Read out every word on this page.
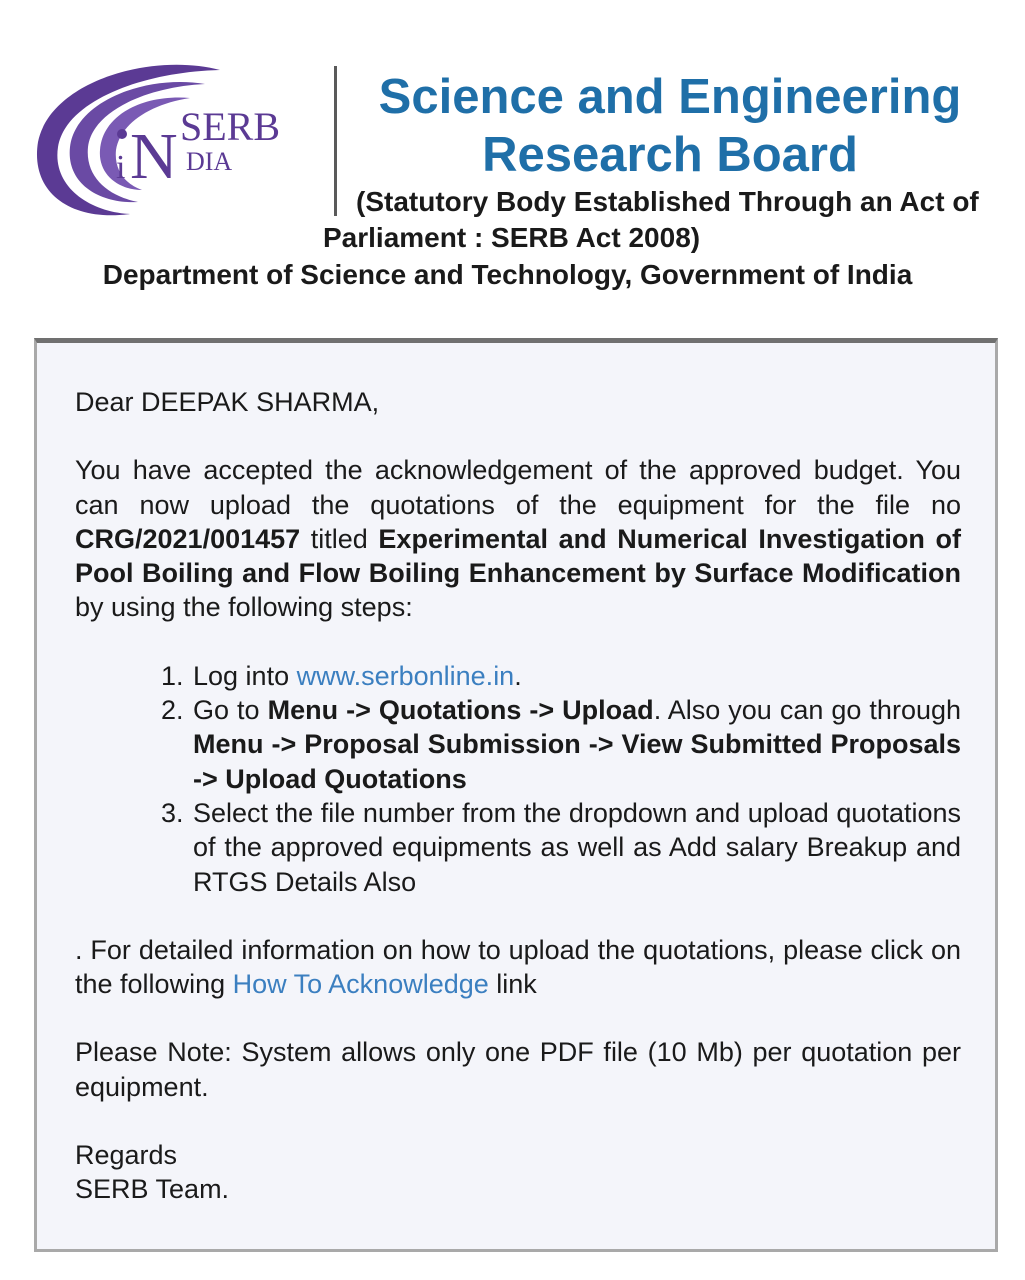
i N SERB
DIA
Science and Engineering
Research Board
(Statutory Body Established Through an Act of
Parliament : SERB Act 2008)
Department of Science and Technology, Government of India

Dear DEEPAK SHARMA,

You have accepted the acknowledgement of the approved budget. You can now upload the quotations of the equipment for the file no CRG/2021/001457 titled Experimental and Numerical Investigation of Pool Boiling and Flow Boiling Enhancement by Surface Modification by using the following steps:

1. Log into www.serbonline.in.
2. Go to Menu -> Quotations -> Upload. Also you can go through Menu -> Proposal Submission -> View Submitted Proposals -> Upload Quotations
3. Select the file number from the dropdown and upload quotations of the approved equipments as well as Add salary Breakup and RTGS Details Also

. For detailed information on how to upload the quotations, please click on the following How To Acknowledge link

Please Note: System allows only one PDF file (10 Mb) per quotation per equipment.

Regards

SERB Team.
